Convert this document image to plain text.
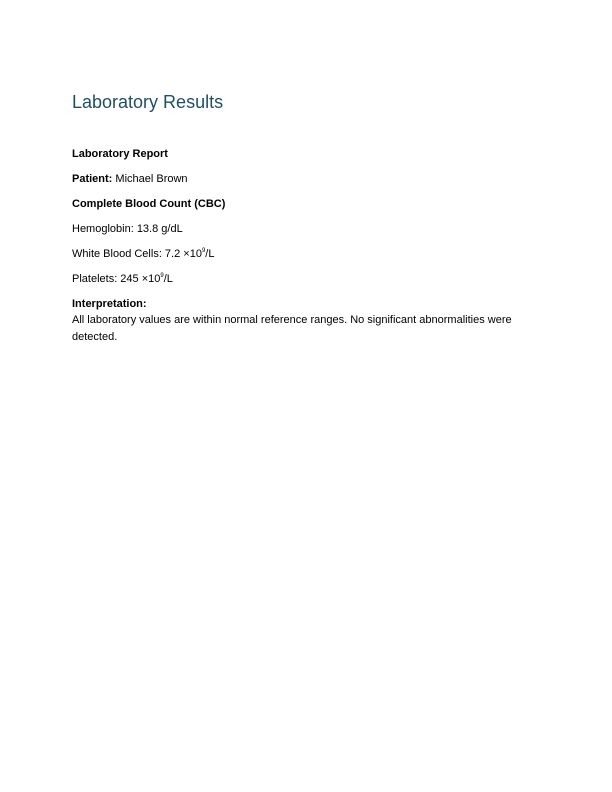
Laboratory Results
Laboratory Report
Patient: Michael Brown
Complete Blood Count (CBC)
Hemoglobin: 13.8 g/dL
White Blood Cells: $7.2 \times 10^9/L$
Platelets: $245 \times 10^9/L$
Interpretation:
All laboratory values are within normal reference ranges. No significant abnormalities were detected.
